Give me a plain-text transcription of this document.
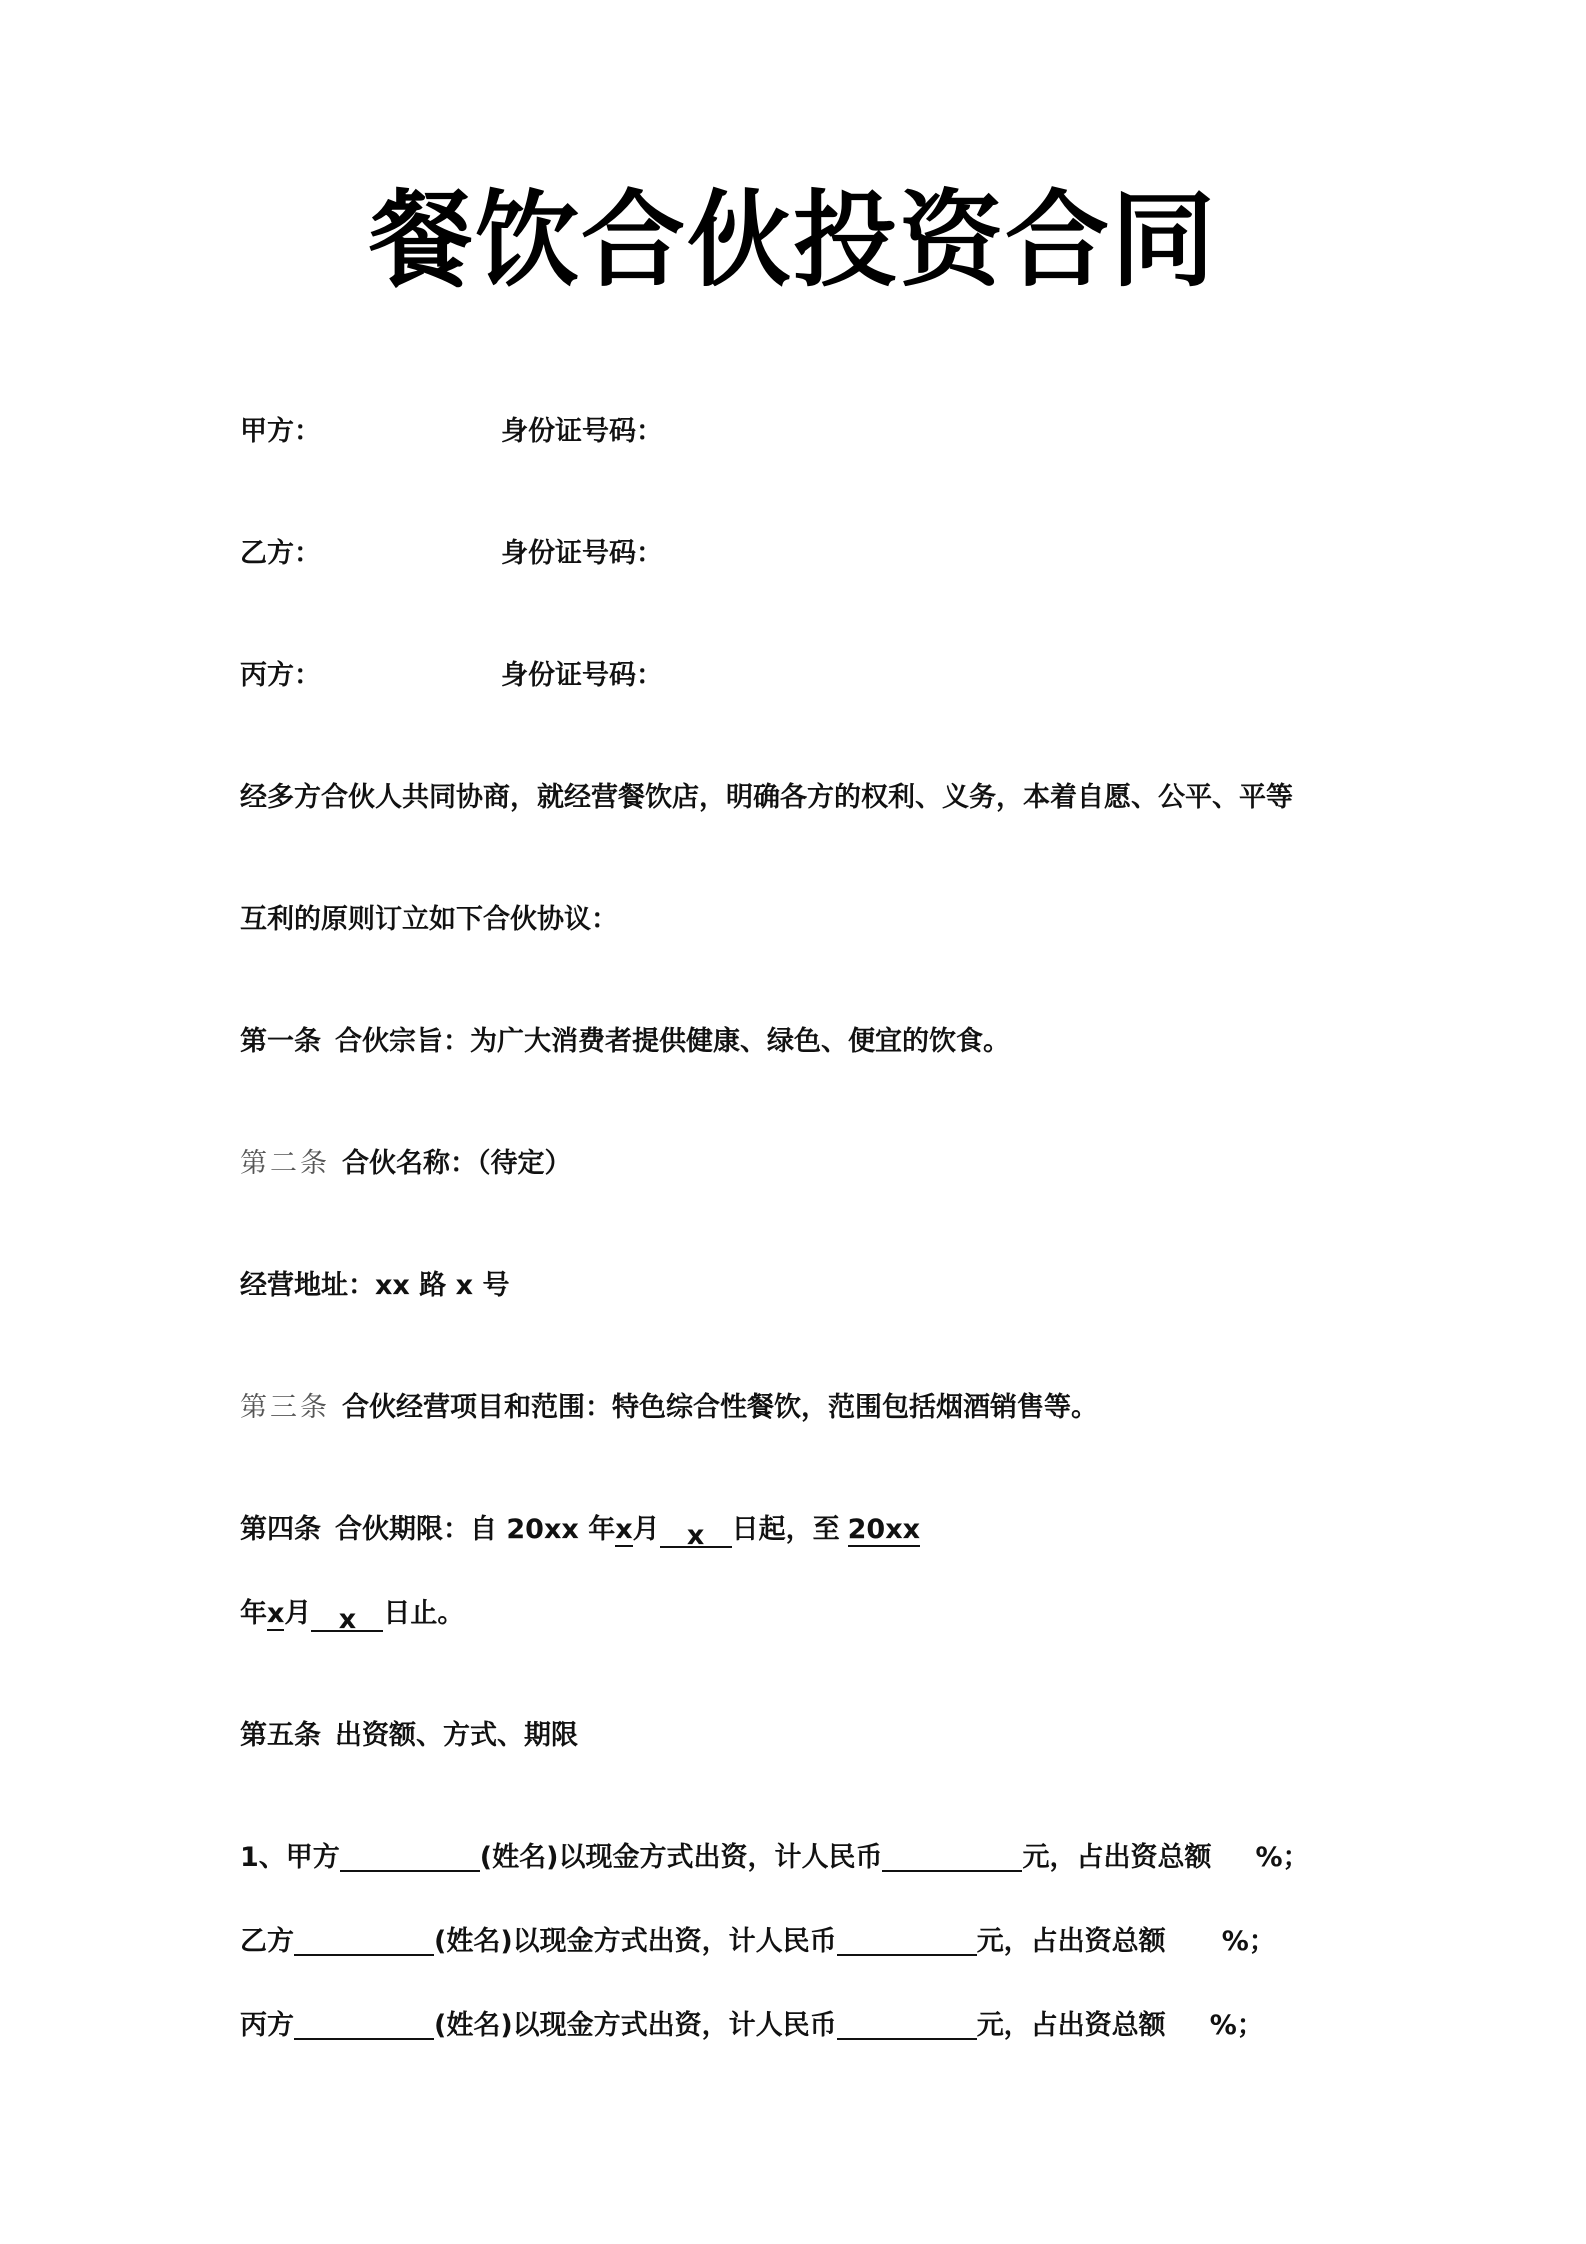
餐饮合伙投资合同
甲方：	身份证号码：
乙方：	身份证号码：
丙方：	身份证号码：
经多方合伙人共同协商，就经营餐饮店，明确各方的权利、义务，本着自愿、公平、平等
互利的原则订立如下合伙协议：
第一条 合伙宗旨：为广大消费者提供健康、绿色、便宜的饮食。
第二条 合伙名称：（待定）
经营地址：xx 路 x 号
第三条 合伙经营项目和范围：特色综合性餐饮，范围包括烟酒销售等。
第四条 合伙期限：自 20xx 年x月 x 日起，至 20xx
年x月 x 日止。
第五条 出资额、方式、期限
1、甲方	(姓名)以现金方式出资，计人民币	元，占出资总额 %；
乙方	(姓名)以现金方式出资，计人民币	元，占出资总额 %；
丙方	(姓名)以现金方式出资，计人民币	元，占出资总额 %；
